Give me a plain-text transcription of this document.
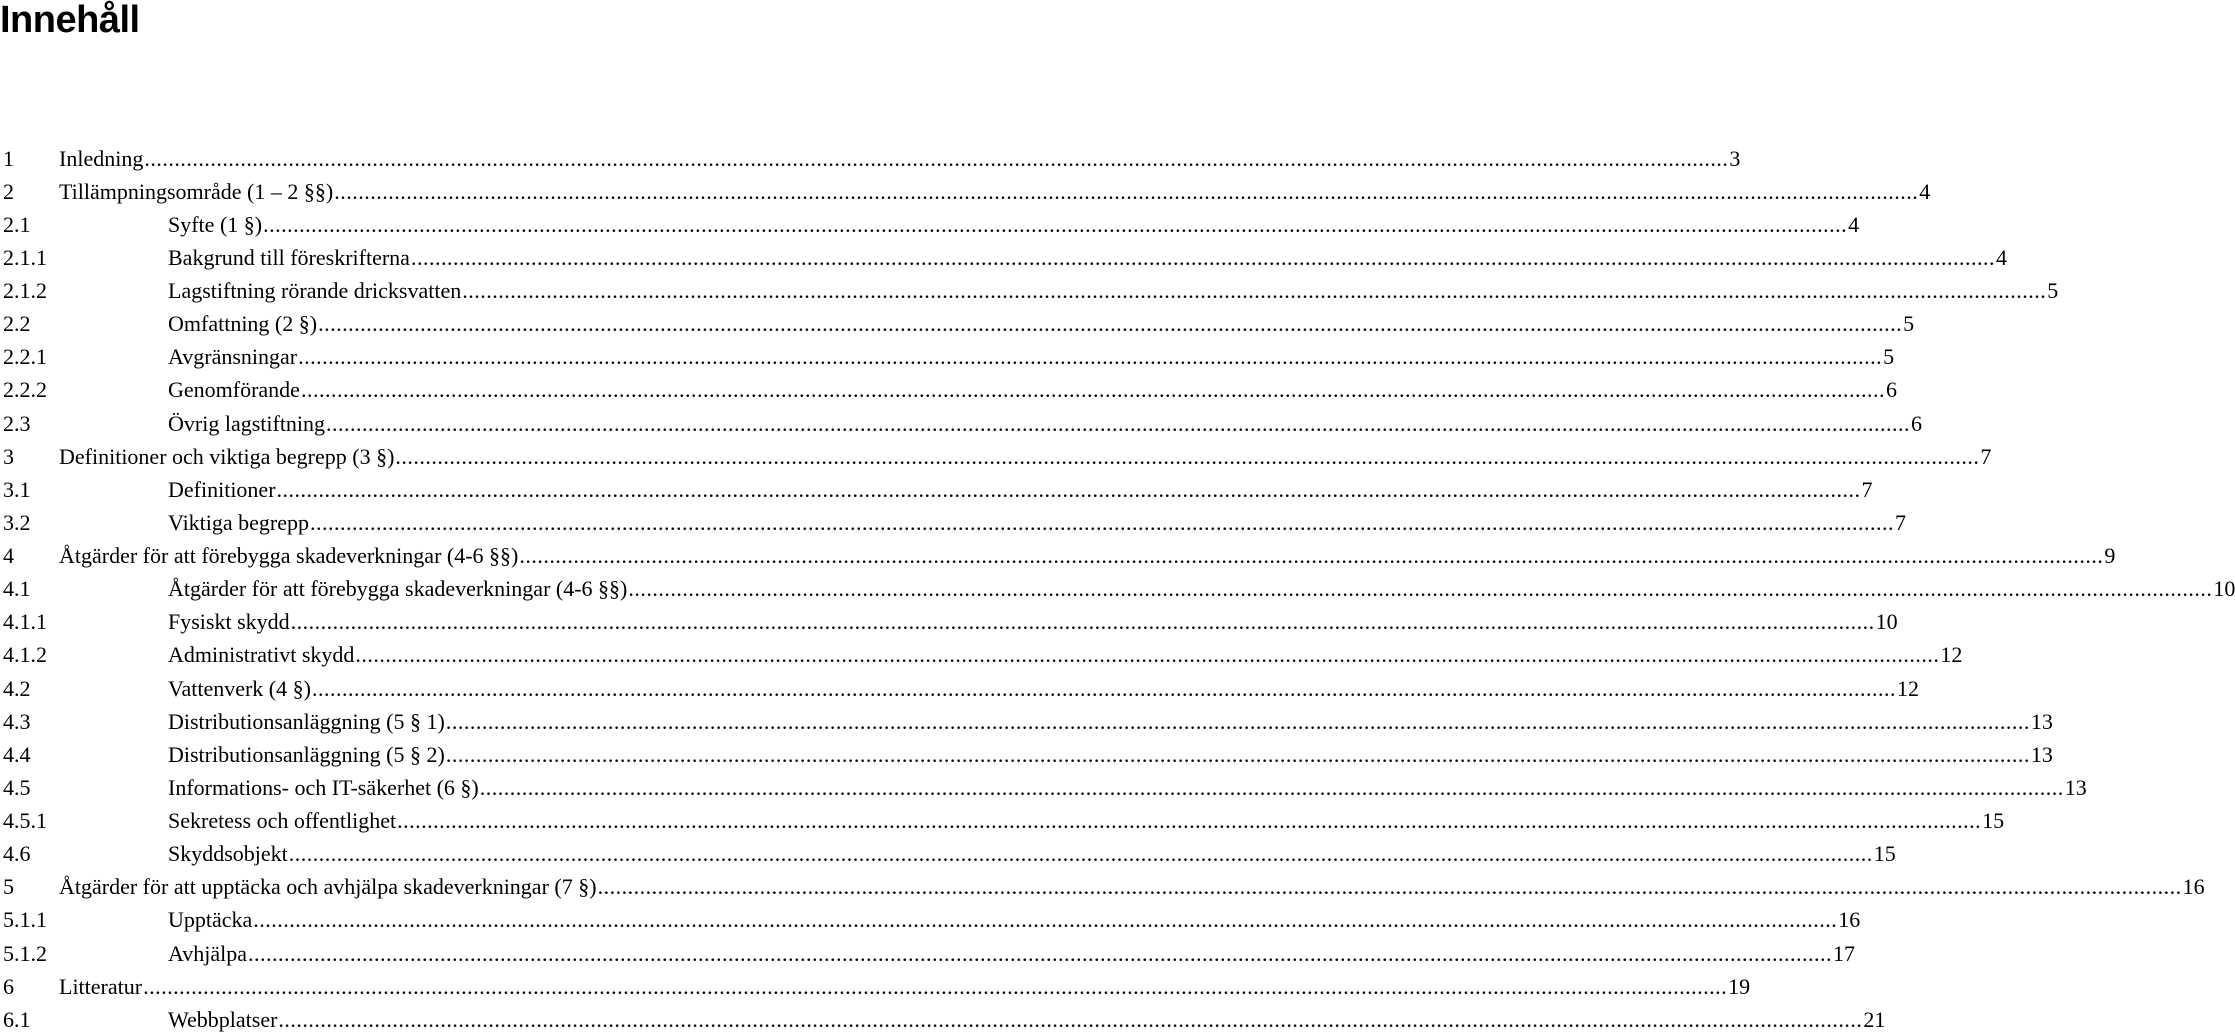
Innehåll
1 Inledning .....	3
2 Tillämpningsområde (1 – 2 §§) .....	4
2.1	Syfte (1 §) .....	4
2.1.1	Bakgrund till föreskrifterna .....	4
2.1.2	Lagstiftning rörande dricksvatten .....	5
2.2	Omfattning (2 §) .....	5
2.2.1	Avgränsningar .....	5
2.2.2	Genomförande .....	6
2.3	Övrig lagstiftning .....	6
3 Definitioner och viktiga begrepp (3 §) .....	7
3.1	Definitioner .....	7
3.2	Viktiga begrepp .....	7
4 Åtgärder för att förebygga skadeverkningar (4-6 §§) .....	9
4.1	Åtgärder för att förebygga skadeverkningar (4-6 §§) .....	10
4.1.1	Fysiskt skydd .....	10
4.1.2	Administrativt skydd .....	12
4.2	Vattenverk (4 §) .....	12
4.3	Distributionsanläggning (5 § 1) .....	13
4.4	Distributionsanläggning (5 § 2) .....	13
4.5	Informations- och IT-säkerhet (6 §) .....	13
4.5.1	Sekretess och offentlighet .....	15
4.6	Skyddsobjekt .....	15
5 Åtgärder för att upptäcka och avhjälpa skadeverkningar (7 §) .....	16
5.1.1	Upptäcka .....	16
5.1.2	Avhjälpa .....	17
6 Litteratur .....	19
6.1	Webbplatser .....	21
